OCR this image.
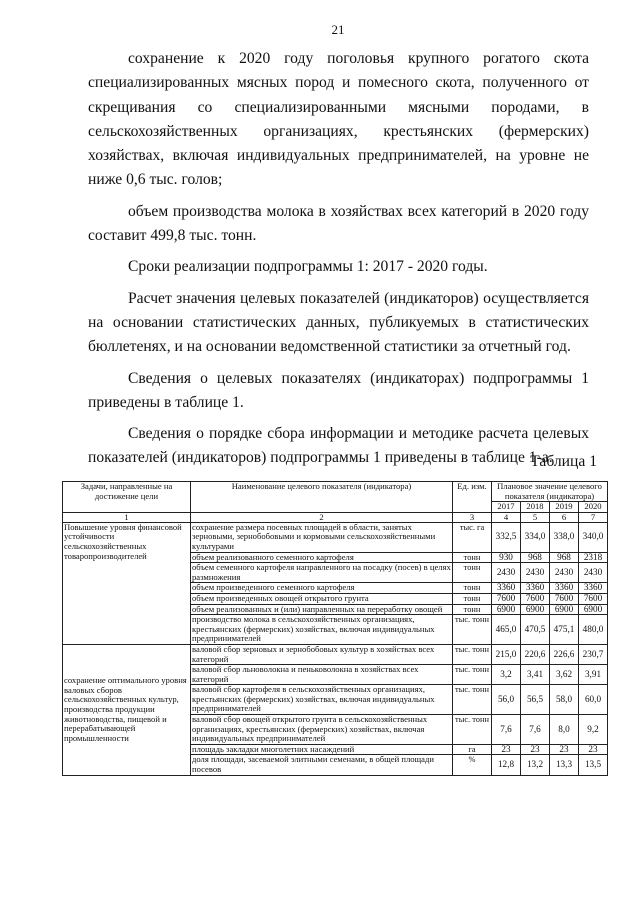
21

сохранение к 2020 году поголовья крупного рогатого скота специализированных мясных пород и помесного скота, полученного от скрещивания со специализированными мясными породами, в сельскохозяйственных организациях, крестьянских (фермерских) хозяйствах, включая индивидуальных предпринимателей, на уровне не ниже 0,6 тыс. голов;

объем производства молока в хозяйствах всех категорий в 2020 году составит 499,8 тыс. тонн.

Сроки реализации подпрограммы 1: 2017 - 2020 годы.

Расчет значения целевых показателей (индикаторов) осуществляется на основании статистических данных, публикуемых в статистических бюллетенях, и на основании ведомственной статистики за отчетный год.

Сведения о целевых показателях (индикаторах) подпрограммы 1 приведены в таблице 1.

Сведения о порядке сбора информации и методике расчета целевых показателей (индикаторов) подпрограммы 1 приведены в таблице 1-а.

Таблица 1
Задачи, направленные на достижение цели	Наименование целевого показателя (индикатора)	Ед. изм.	Плановое значение целевого показателя (индикатора)			
			2017	2018	2019	2020
1	2	3	4	5	6	7
Повышение уровня финансовой устойчивости сельскохозяйственных товаропроизводителей	сохранение размера посевных площадей в области, занятых зерновыми, зернобобовыми и кормовыми сельскохозяйственными культурами	тыс. га	332,5	334,0	338,0	340,0
	объем реализованного семенного картофеля	тонн	930	968	968	2318
	объем семенного картофеля направленного на посадку (посев) в целях размножения	тонн	2430	2430	2430	2430
	объем произведенного семенного картофеля	тонн	3360	3360	3360	3360
	объем произведенных овощей открытого грунта	тонн	7600	7600	7600	7600
	объем реализованных и (или) направленных на переработку овощей	тонн	6900	6900	6900	6900
	производство молока в сельскохозяйственных организациях, крестьянских (фермерских) хозяйствах, включая индивидуальных предпринимателей	тыс. тонн	465,0	470,5	475,1	480,0
сохранение оптимального уровня валовых сборов сельскохозяйственных культур, производства продукции животноводства, пищевой и перерабатывающей промышленности	валовой сбор зерновых и зернобобовых культур в хозяйствах всех категорий	тыс. тонн	215,0	220,6	226,6	230,7
	валовой сбор льноволокна и пеньковолокна в хозяйствах всех категорий	тыс. тонн	3,2	3,41	3,62	3,91
	валовой сбор картофеля в сельскохозяйственных организациях, крестьянских (фермерских) хозяйствах, включая индивидуальных предпринимателей	тыс. тонн	56,0	56,5	58,0	60,0
	валовой сбор овощей открытого грунта в сельскохозяйственных организациях, крестьянских (фермерских) хозяйствах, включая индивидуальных предпринимателей	тыс. тонн	7,6	7,6	8,0	9,2
	площадь закладки многолетних насаждений	га	23	23	23	23
	доля площади, засеваемой элитными семенами, в общей площади посевов	%	12,8	13,2	13,3	13,5
